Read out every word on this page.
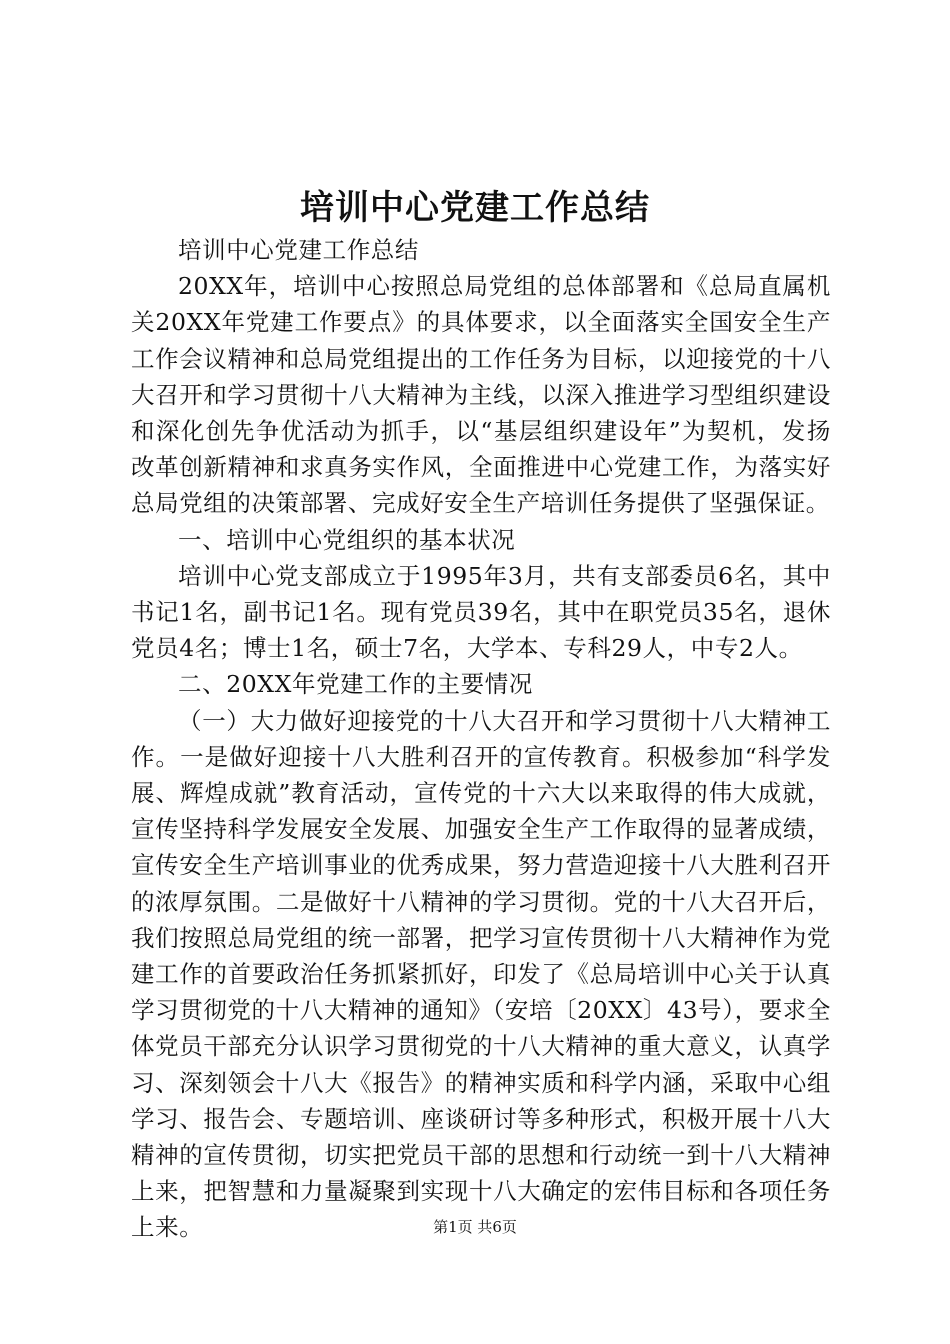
培训中心党建工作总结

培训中心党建工作总结

20XX年，培训中心按照总局党组的总体部署和《总局直属机关20XX年党建工作要点》的具体要求，以全面落实全国安全生产工作会议精神和总局党组提出的工作任务为目标，以迎接党的十八大召开和学习贯彻十八大精神为主线，以深入推进学习型组织建设和深化创先争优活动为抓手，以“基层组织建设年”为契机，发扬改革创新精神和求真务实作风，全面推进中心党建工作，为落实好总局党组的决策部署、完成好安全生产培训任务提供了坚强保证。

一、培训中心党组织的基本状况

培训中心党支部成立于1995年3月，共有支部委员6名，其中书记1名，副书记1名。现有党员39名，其中在职党员35名，退休党员4名；博士1名，硕士7名，大学本、专科29人，中专2人。

二、20XX年党建工作的主要情况

（一）大力做好迎接党的十八大召开和学习贯彻十八大精神工作。一是做好迎接十八大胜利召开的宣传教育。积极参加“科学发展、辉煌成就”教育活动，宣传党的十六大以来取得的伟大成就，宣传坚持科学发展安全发展、加强安全生产工作取得的显著成绩，宣传安全生产培训事业的优秀成果，努力营造迎接十八大胜利召开的浓厚氛围。二是做好十八精神的学习贯彻。党的十八大召开后，我们按照总局党组的统一部署，把学习宣传贯彻十八大精神作为党建工作的首要政治任务抓紧抓好，印发了《总局培训中心关于认真学习贯彻党的十八大精神的通知》（安培〔20XX〕43号），要求全体党员干部充分认识学习贯彻党的十八大精神的重大意义，认真学习、深刻领会十八大《报告》的精神实质和科学内涵，采取中心组学习、报告会、专题培训、座谈研讨等多种形式，积极开展十八大精神的宣传贯彻，切实把党员干部的思想和行动统一到十八大精神上来，把智慧和力量凝聚到实现十八大确定的宏伟目标和各项任务上来。	第1页 共6页
